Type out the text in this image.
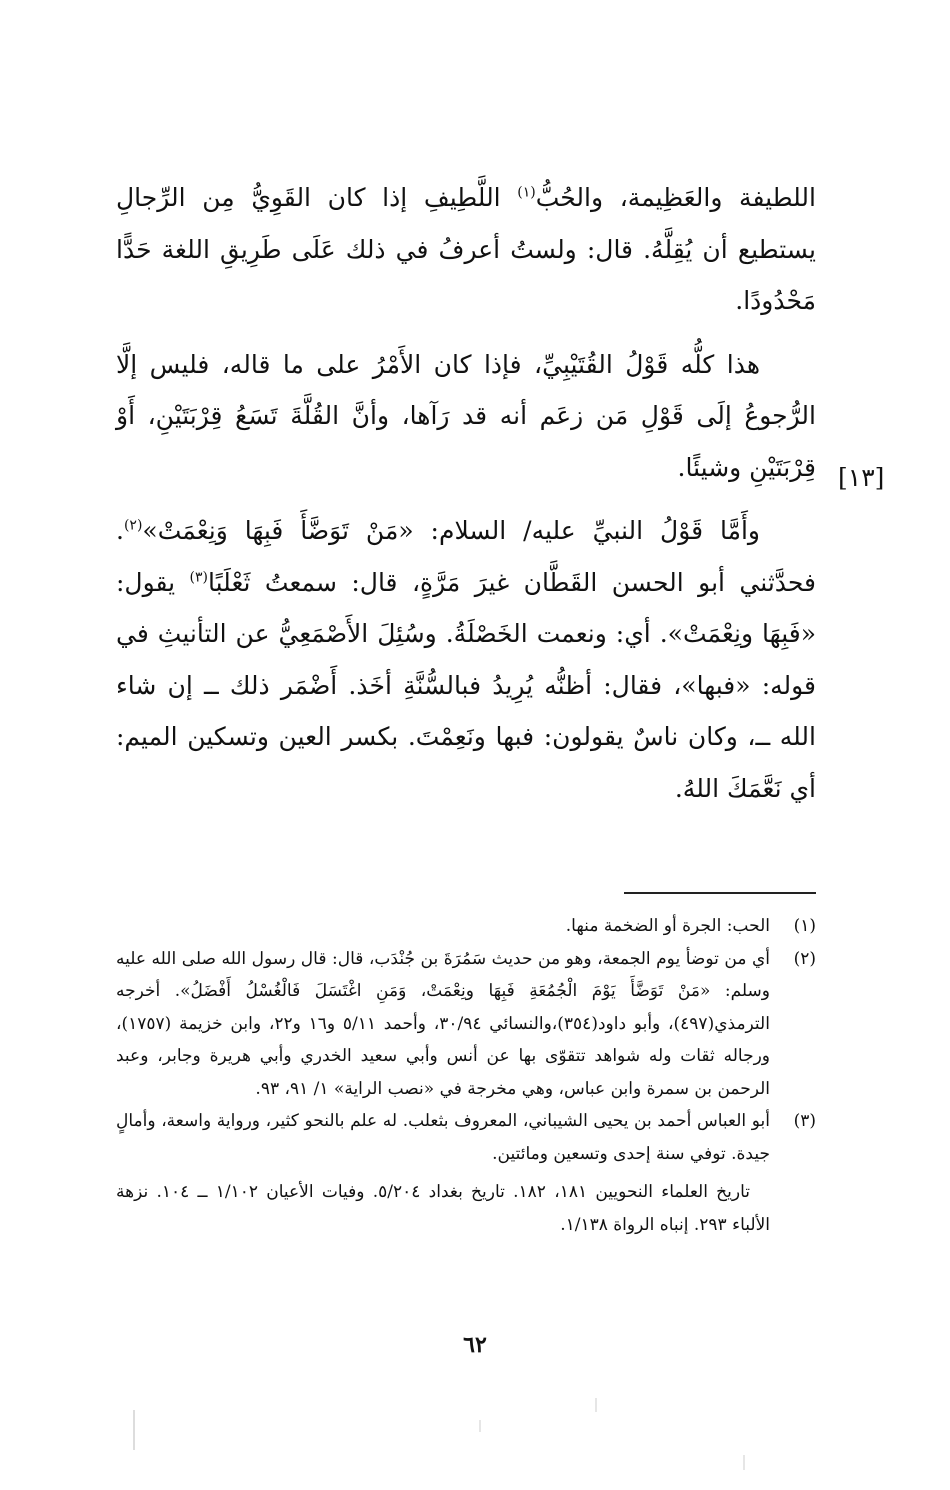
اللطيفة والعَظِيمة، والحُبُّ$^{(١)}$ اللَّطِيفِ إذا كان القَوِيُّ مِن الرِّجالِ يستطيع أن يُقِلَّهُ. قال: ولستُ أعرفُ في ذلك عَلَى طَرِيقِ اللغة حَدًّا مَحْدُودًا.

هذا كلُّه قَوْلُ القُتَيْبِيِّ، فإذا كان الأَمْرُ على ما قاله، فليس إلَّا الرُّجوعُ إلَى قَوْلِ مَن زعَم أنه قد رَآها، وأنَّ القُلَّةَ تَسَعُ قِرْبَتَيْنِ، أَوْ قِرْبَتَيْنِ وشيئًا.

وأَمَّا قَوْلُ النبيِّ عليه/ السلام: «مَنْ تَوَضَّأَ فَبِهَا وَنِعْمَتْ»$^{(٢)}$. فحدَّثني أبو الحسن القَطَّان غيرَ مَرَّةٍ، قال: سمعتُ ثَعْلَبًا$^{(٣)}$ يقول: «فَبِهَا ونِعْمَتْ». أي: ونعمت الخَصْلَةُ. وسُئِلَ الأَصْمَعِيُّ عن التأنيثِ في قوله: «فبها»، فقال: أظنُّه يُرِيدُ فبالسُّنَّةِ أخَذ. أَضْمَر ذلك ــ إن شاء الله ــ، وكان ناسٌ يقولون: فبها ونَعِمْتَ. بكسر العين وتسكين الميم: أي نَعَّمَكَ اللهُ.

[١٣]
(١)
الحب: الجرة أو الضخمة منها.
(٢)
أي من توضأ يوم الجمعة، وهو من حديث سَمُرَةَ بن جُنْدَب، قال: قال رسول الله صلى الله عليه وسلم: «مَنْ تَوَضَّأَ يَوْمَ الْجُمُعَةِ فَبِهَا ونِعْمَتْ، وَمَنِ اغْتَسَلَ فَالْغُسْلُ أَفْضَلُ». أخرجه الترمذي(٤٩٧)، وأبو داود(٣٥٤)،والنسائي ٣٠/٩٤، وأحمد ٥/١١ و١٦ و٢٢، وابن خزيمة (١٧٥٧)، ورجاله ثقات وله شواهد تتقوّى بها عن أنس وأبي سعيد الخدري وأبي هريرة وجابر، وعبد الرحمن بن سمرة وابن عباس، وهي مخرجة في «نصب الراية» ١/ ٩١، ٩٣.
(٣)
أبو العباس أحمد بن يحيى الشيباني، المعروف بثعلب. له علم بالنحو كثير، ورواية واسعة، وأمالٍ جيدة. توفي سنة إحدى وتسعين ومائتين.
تاريخ العلماء النحويين ١٨١، ١٨٢. تاريخ بغداد ٥/٢٠٤. وفيات الأعيان ١/١٠٢ ــ ١٠٤. نزهة الألباء ٢٩٣. إنباه الرواة ١/١٣٨.
٦٢
